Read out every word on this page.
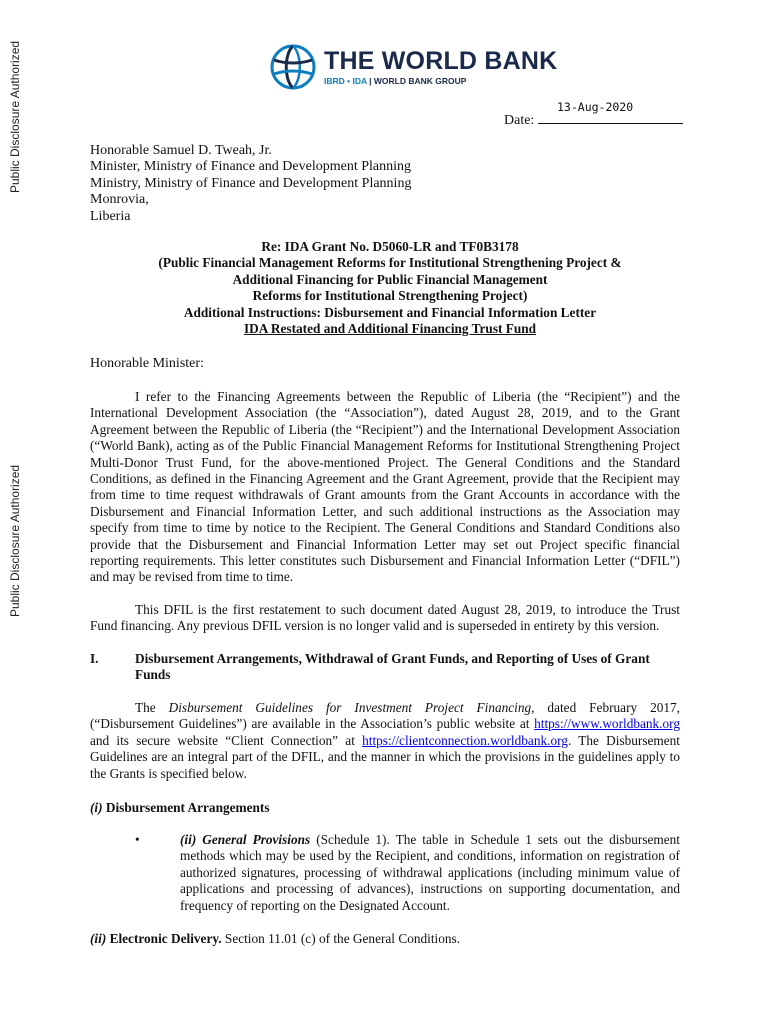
Public Disclosure Authorized
Public Disclosure Authorized
THE WORLD BANK
IBRD • IDA | WORLD BANK GROUP
13-Aug-2020
Date:
Honorable Samuel D. Tweah, Jr.
Minister, Ministry of Finance and Development Planning
Ministry, Ministry of Finance and Development Planning
Monrovia,
Liberia
Re: IDA Grant No. D5060-LR and TF0B3178
(Public Financial Management Reforms for Institutional Strengthening Project &
Additional Financing for Public Financial Management
Reforms for Institutional Strengthening Project)
Additional Instructions: Disbursement and Financial Information Letter
IDA Restated and Additional Financing Trust Fund
Honorable Minister:
I refer to the Financing Agreements between the Republic of Liberia (the “Recipient”) and the International Development Association (the “Association”), dated August 28, 2019, and to the Grant Agreement between the Republic of Liberia (the “Recipient”) and the International Development Association (“World Bank), acting as of the Public Financial Management Reforms for Institutional Strengthening Project Multi-Donor Trust Fund, for the above-mentioned Project. The General Conditions and the Standard Conditions, as defined in the Financing Agreement and the Grant Agreement, provide that the Recipient may from time to time request withdrawals of Grant amounts from the Grant Accounts in accordance with the Disbursement and Financial Information Letter, and such additional instructions as the Association may specify from time to time by notice to the Recipient. The General Conditions and Standard Conditions also provide that the Disbursement and Financial Information Letter may set out Project specific financial reporting requirements. This letter constitutes such Disbursement and Financial Information Letter (“DFIL”) and may be revised from time to time.
This DFIL is the first restatement to such document dated August 28, 2019, to introduce the Trust Fund financing. Any previous DFIL version is no longer valid and is superseded in entirety by this version.
I.	Disbursement Arrangements, Withdrawal of Grant Funds, and Reporting of Uses of Grant Funds
The Disbursement Guidelines for Investment Project Financing, dated February 2017, (“Disbursement Guidelines”) are available in the Association’s public website at https://www.worldbank.org and its secure website “Client Connection” at https://clientconnection.worldbank.org. The Disbursement Guidelines are an integral part of the DFIL, and the manner in which the provisions in the guidelines apply to the Grants is specified below.
(i) Disbursement Arrangements
•	(ii) General Provisions (Schedule 1). The table in Schedule 1 sets out the disbursement methods which may be used by the Recipient, and conditions, information on registration of authorized signatures, processing of withdrawal applications (including minimum value of applications and processing of advances), instructions on supporting documentation, and frequency of reporting on the Designated Account.
(ii) Electronic Delivery. Section 11.01 (c) of the General Conditions.
